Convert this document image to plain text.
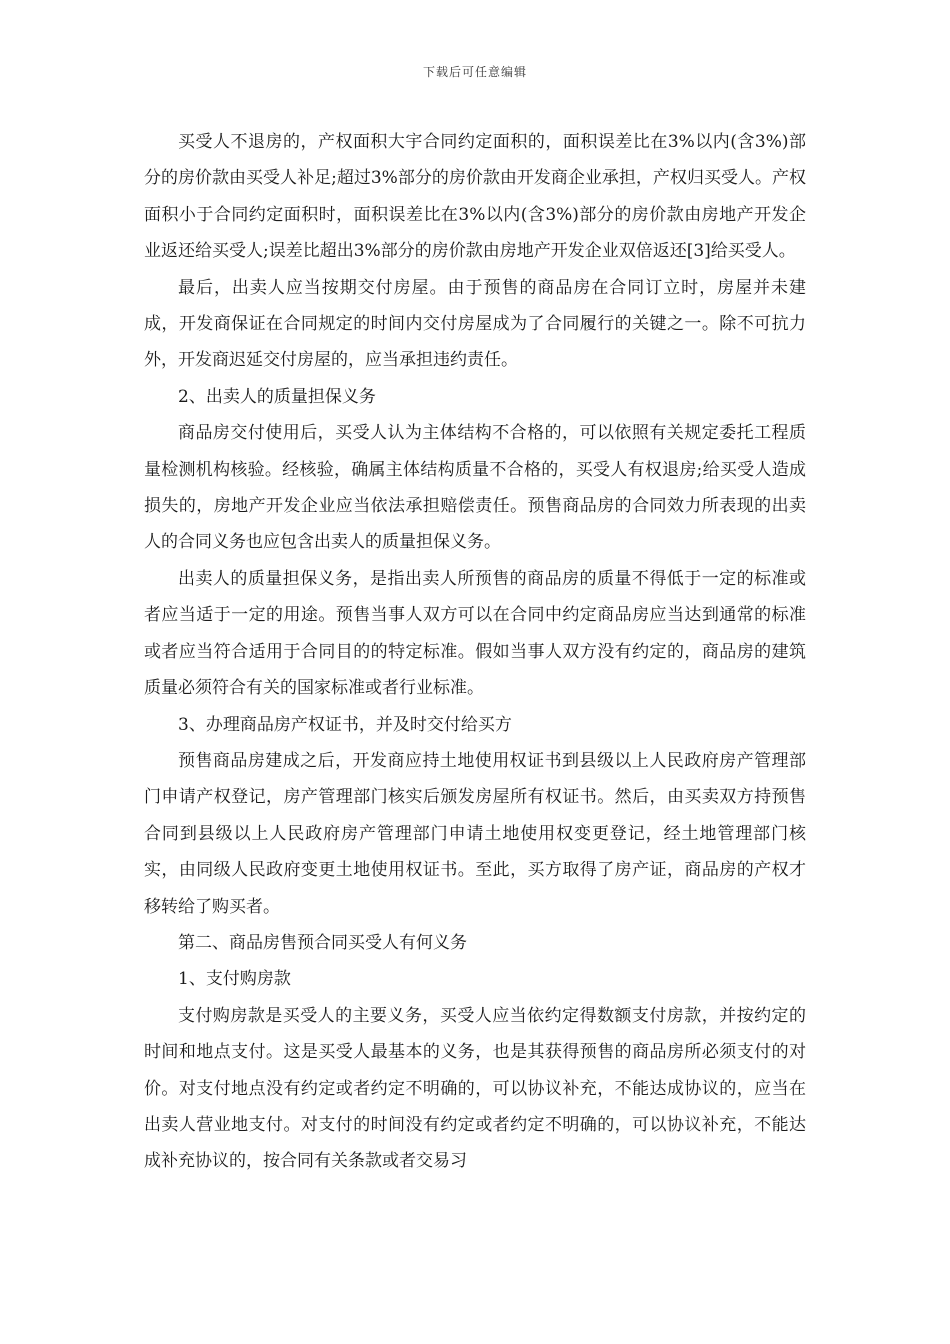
下载后可任意编辑

买受人不退房的，产权面积大宇合同约定面积的，面积误差比在3%以内(含3%)部分的房价款由买受人补足;超过3%部分的房价款由开发商企业承担，产权归买受人。产权面积小于合同约定面积时，面积误差比在3%以内(含3%)部分的房价款由房地产开发企业返还给买受人;误差比超出3%部分的房价款由房地产开发企业双倍返还[3]给买受人。

最后，出卖人应当按期交付房屋。由于预售的商品房在合同订立时，房屋并未建成，开发商保证在合同规定的时间内交付房屋成为了合同履行的关键之一。除不可抗力外，开发商迟延交付房屋的，应当承担违约责任。

2、出卖人的质量担保义务

商品房交付使用后，买受人认为主体结构不合格的，可以依照有关规定委托工程质量检测机构核验。经核验，确属主体结构质量不合格的，买受人有权退房;给买受人造成损失的，房地产开发企业应当依法承担赔偿责任。预售商品房的合同效力所表现的出卖人的合同义务也应包含出卖人的质量担保义务。

出卖人的质量担保义务，是指出卖人所预售的商品房的质量不得低于一定的标准或者应当适于一定的用途。预售当事人双方可以在合同中约定商品房应当达到通常的标准或者应当符合适用于合同目的的特定标准。假如当事人双方没有约定的，商品房的建筑质量必须符合有关的国家标准或者行业标准。

3、办理商品房产权证书，并及时交付给买方

预售商品房建成之后，开发商应持土地使用权证书到县级以上人民政府房产管理部门申请产权登记，房产管理部门核实后颁发房屋所有权证书。然后，由买卖双方持预售合同到县级以上人民政府房产管理部门申请土地使用权变更登记，经土地管理部门核实，由同级人民政府变更土地使用权证书。至此，买方取得了房产证，商品房的产权才移转给了购买者。

第二、商品房售预合同买受人有何义务

1、支付购房款

支付购房款是买受人的主要义务，买受人应当依约定得数额支付房款，并按约定的时间和地点支付。这是买受人最基本的义务，也是其获得预售的商品房所必须支付的对价。对支付地点没有约定或者约定不明确的，可以协议补充，不能达成协议的，应当在出卖人营业地支付。对支付的时间没有约定或者约定不明确的，可以协议补充，不能达成补充协议的，按合同有关条款或者交易习
